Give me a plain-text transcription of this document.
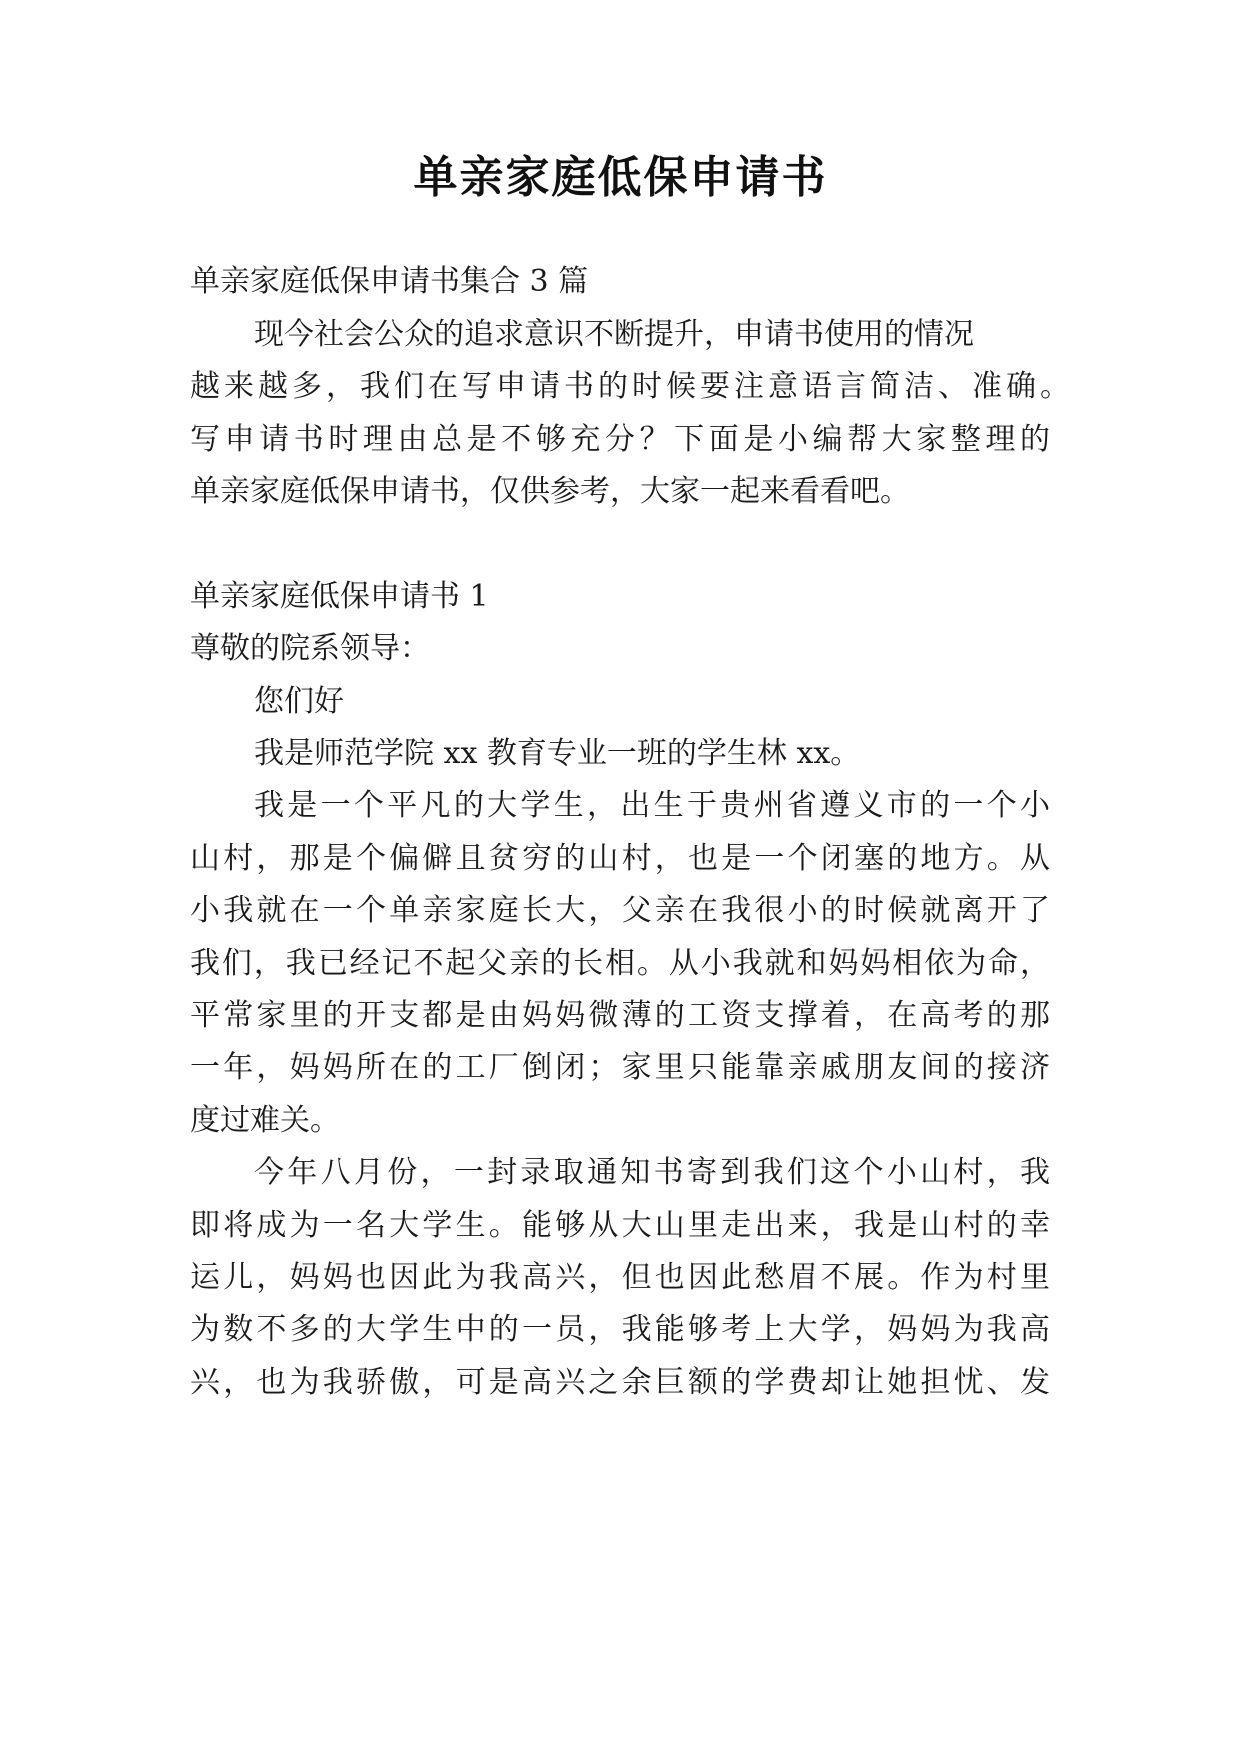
单亲家庭低保申请书
单亲家庭低保申请书集合 3 篇
现今社会公众的追求意识不断提升，申请书使用的情况
越来越多，我们在写申请书的时候要注意语言简洁、准确。
写申请书时理由总是不够充分？下面是小编帮大家整理的
单亲家庭低保申请书，仅供参考，大家一起来看看吧。
单亲家庭低保申请书 1
尊敬的院系领导：
您们好
我是师范学院 xx 教育专业一班的学生林 xx。
我是一个平凡的大学生，出生于贵州省遵义市的一个小
山村，那是个偏僻且贫穷的山村，也是一个闭塞的地方。从
小我就在一个单亲家庭长大，父亲在我很小的时候就离开了
我们，我已经记不起父亲的长相。从小我就和妈妈相依为命，
平常家里的开支都是由妈妈微薄的工资支撑着，在高考的那
一年，妈妈所在的工厂倒闭；家里只能靠亲戚朋友间的接济
度过难关。
今年八月份，一封录取通知书寄到我们这个小山村，我
即将成为一名大学生。能够从大山里走出来，我是山村的幸
运儿，妈妈也因此为我高兴，但也因此愁眉不展。作为村里
为数不多的大学生中的一员，我能够考上大学，妈妈为我高
兴，也为我骄傲，可是高兴之余巨额的学费却让她担忧、发
